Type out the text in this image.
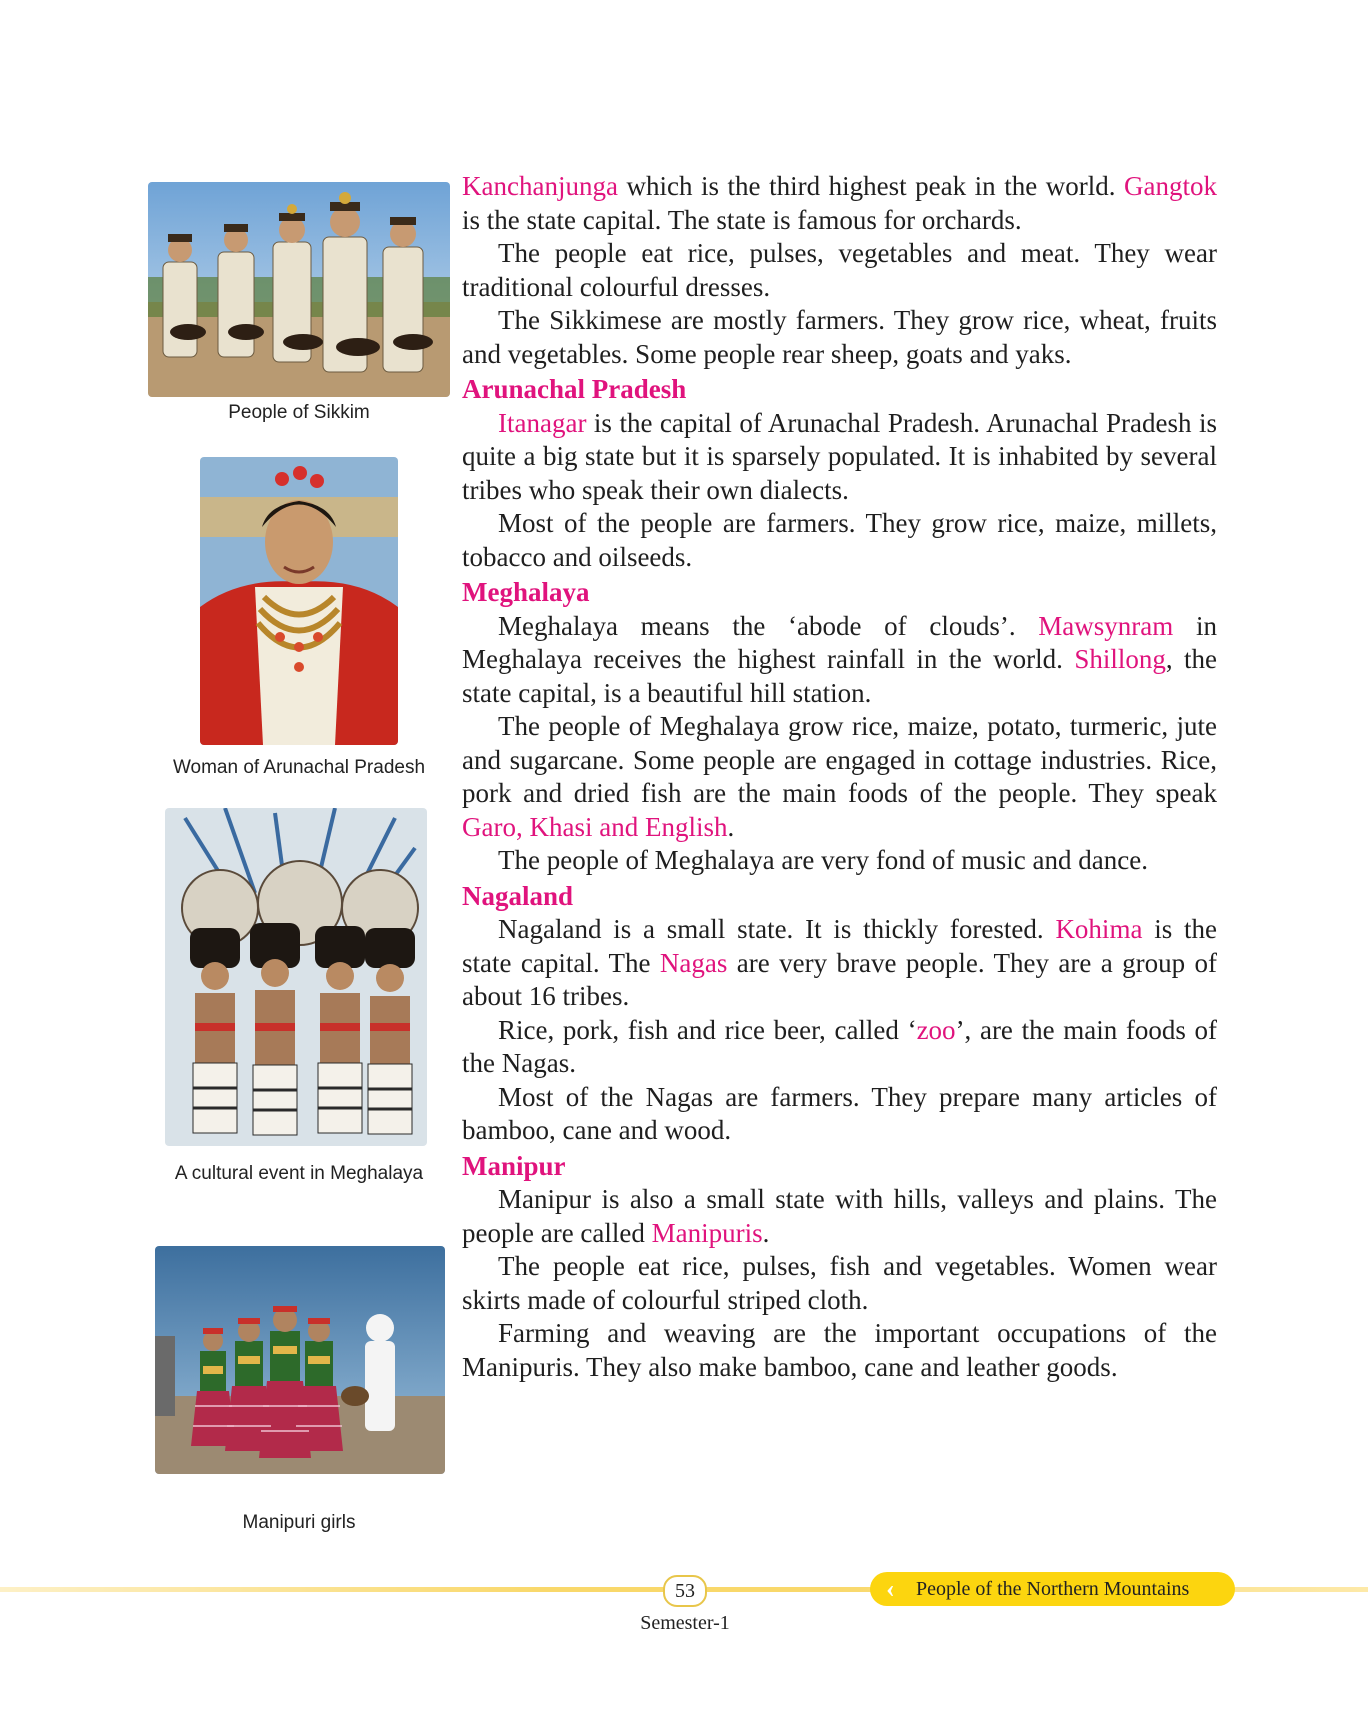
People of Sikkim
Woman of Arunachal Pradesh
A cultural event in Meghalaya
Manipuri girls

Kanchanjunga which is the third highest peak in the world. Gangtok is the state capital. The state is famous for orchards.

The people eat rice, pulses, vegetables and meat. They wear traditional colourful dresses.

The Sikkimese are mostly farmers. They grow rice, wheat, fruits and vegetables. Some people rear sheep, goats and yaks.

Arunachal Pradesh

Itanagar is the capital of Arunachal Pradesh. Arunachal Pradesh is quite a big state but it is sparsely populated. It is inhabited by several tribes who speak their own dialects.

Most of the people are farmers. They grow rice, maize, millets, tobacco and oilseeds.

Meghalaya

Meghalaya means the ‘abode of clouds’. Mawsynram in Meghalaya receives the highest rainfall in the world. Shillong, the state capital, is a beautiful hill station.

The people of Meghalaya grow rice, maize, potato, turmeric, jute and sugarcane. Some people are engaged in cottage industries. Rice, pork and dried fish are the main foods of the people. They speak Garo, Khasi and English.

The people of Meghalaya are very fond of music and dance.

Nagaland

Nagaland is a small state. It is thickly forested. Kohima is the state capital. The Nagas are very brave people. They are a group of about 16 tribes.

Rice, pork, fish and rice beer, called ‘zoo’, are the main foods of the Nagas.

Most of the Nagas are farmers. They prepare many articles of bamboo, cane and wood.

Manipur

Manipur is also a small state with hills, valleys and plains. The people are called Manipuris.

The people eat rice, pulses, fish and vegetables. Women wear skirts made of colourful striped cloth.

Farming and weaving are the important occupations of the Manipuris. They also make bamboo, cane and leather goods.

53	‹ People of the Northern Mountains
Semester-1
